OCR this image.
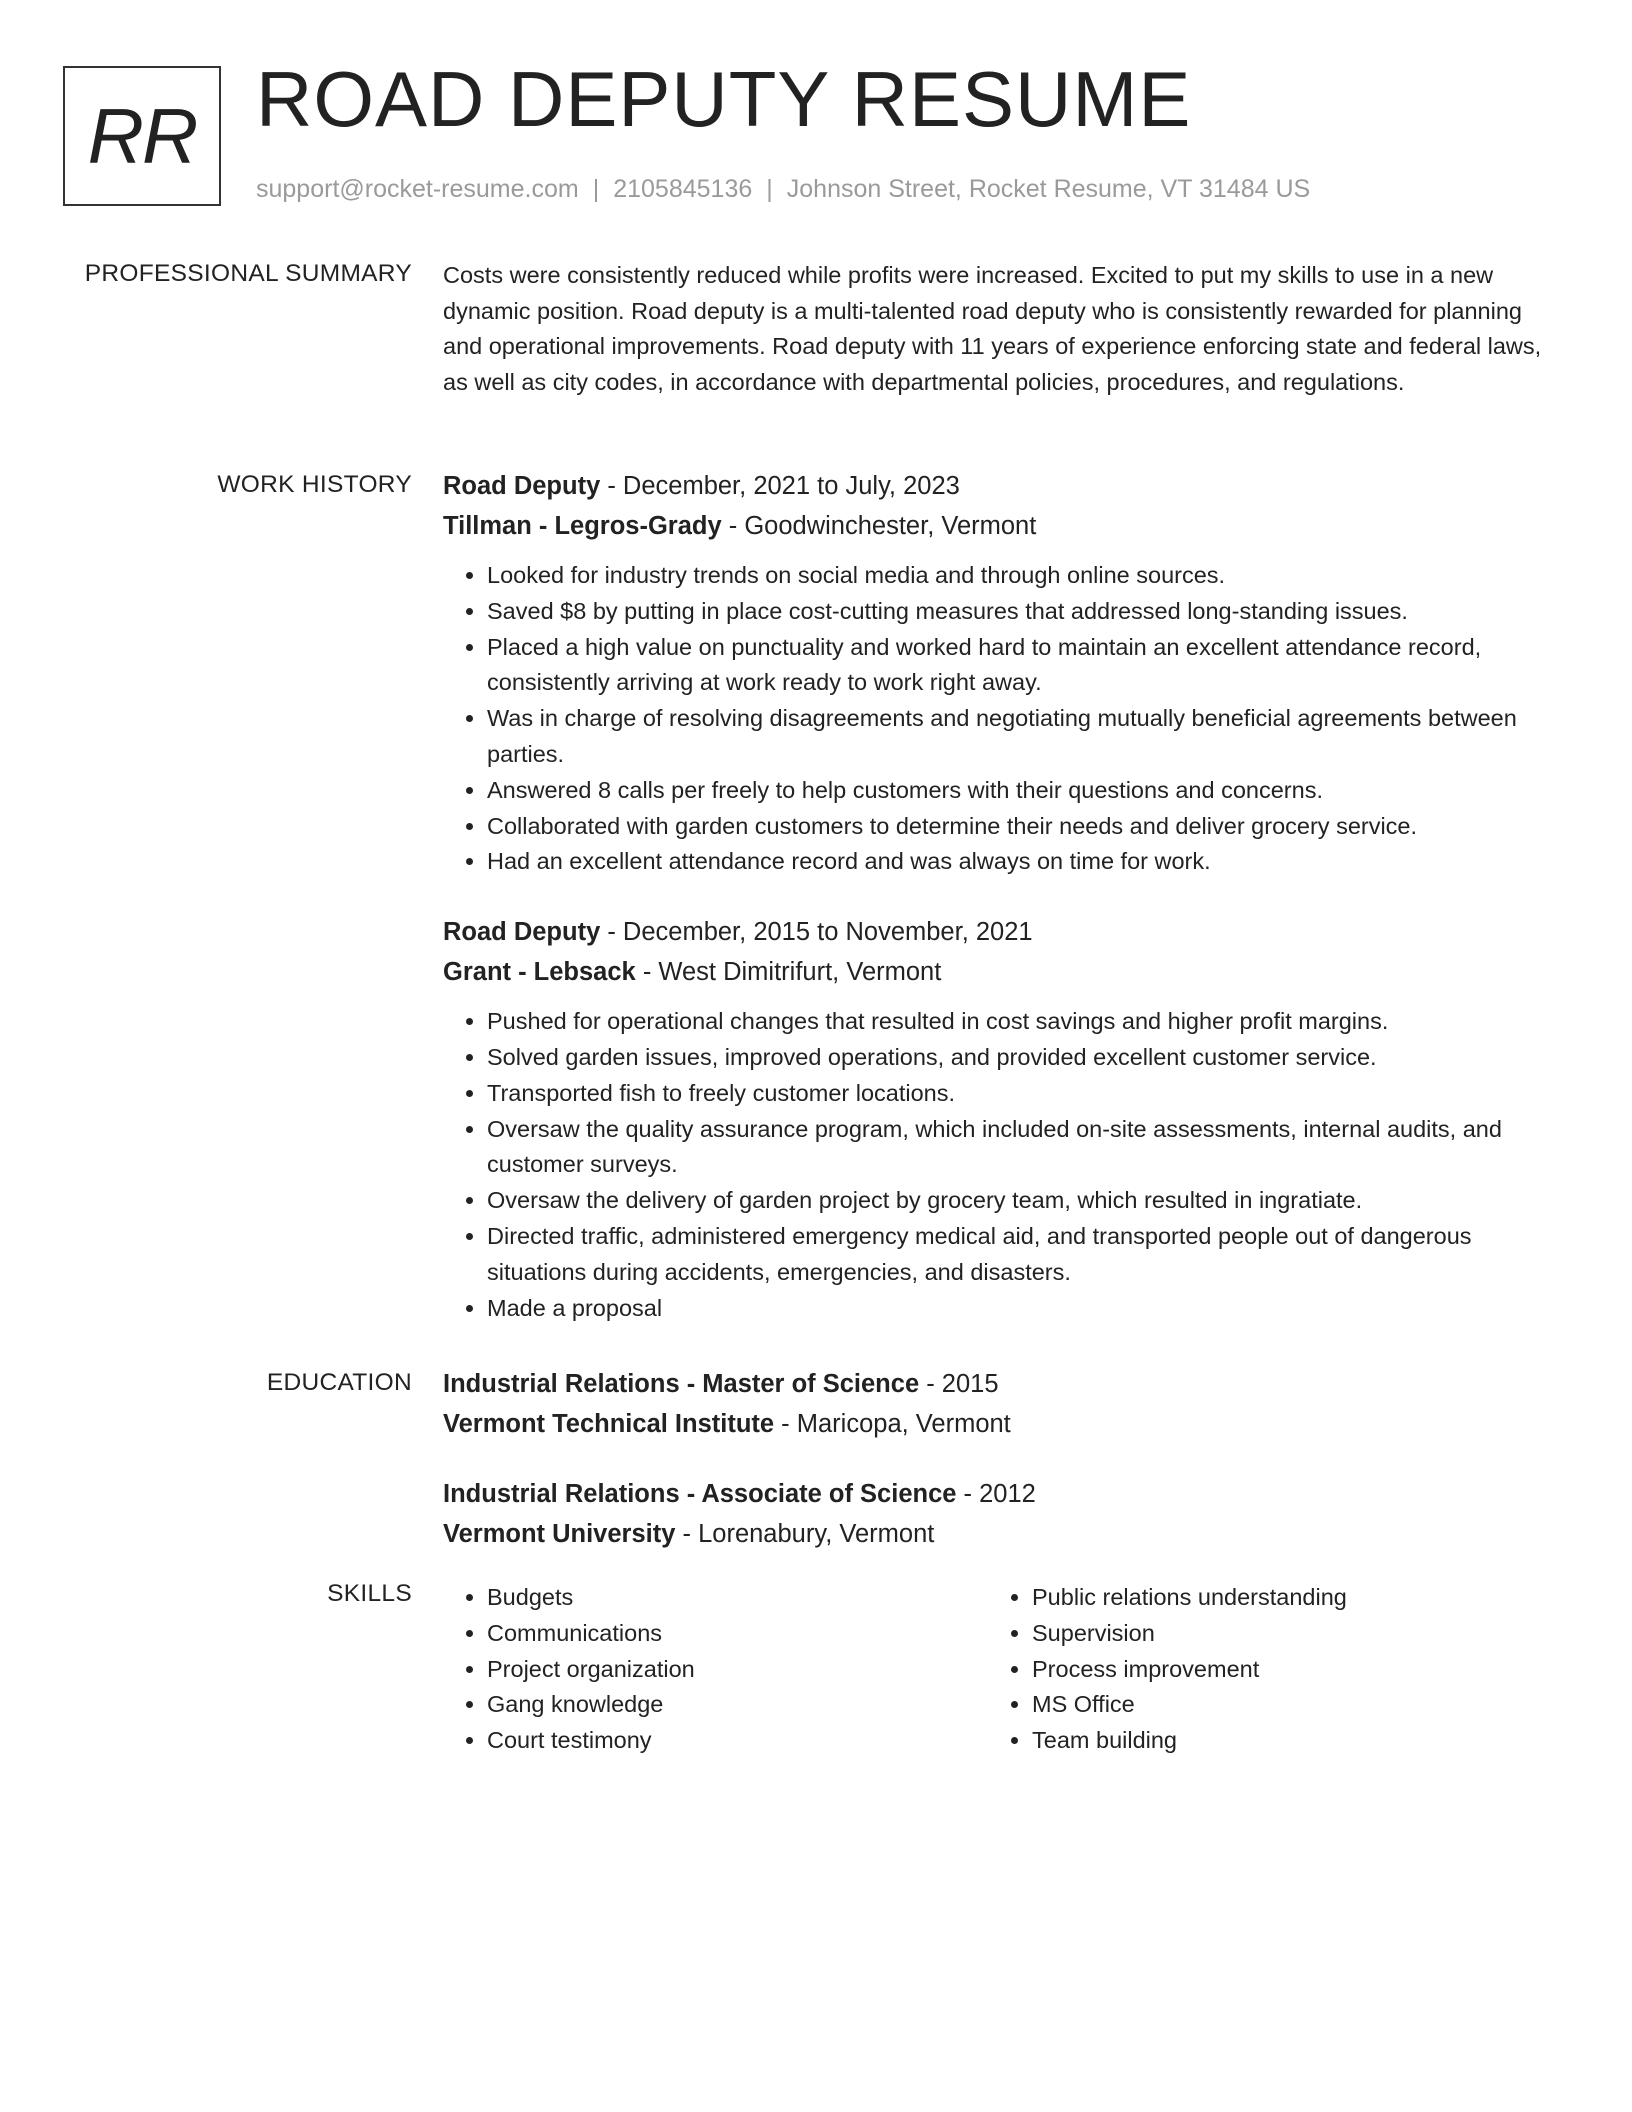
RR ROAD DEPUTY RESUME
support@rocket-resume.com | 2105845136 | Johnson Street, Rocket Resume, VT 31484 US
PROFESSIONAL SUMMARY Costs were consistently reduced while profits were increased. Excited to put my skills to use in a new dynamic position. Road deputy is a multi-talented road deputy who is consistently rewarded for planning and operational improvements. Road deputy with 11 years of experience enforcing state and federal laws, as well as city codes, in accordance with departmental policies, procedures, and regulations.

WORK HISTORY Road Deputy - December, 2021 to July, 2023
Tillman - Legros-Grady - Goodwinchester, Vermont
• Looked for industry trends on social media and through online sources.
• Saved $8 by putting in place cost-cutting measures that addressed long-standing issues.
• Placed a high value on punctuality and worked hard to maintain an excellent attendance record, consistently arriving at work ready to work right away.
• Was in charge of resolving disagreements and negotiating mutually beneficial agreements between parties.
• Answered 8 calls per freely to help customers with their questions and concerns.
• Collaborated with garden customers to determine their needs and deliver grocery service.
• Had an excellent attendance record and was always on time for work.
Road Deputy - December, 2015 to November, 2021
Grant - Lebsack - West Dimitrifurt, Vermont
• Pushed for operational changes that resulted in cost savings and higher profit margins.
• Solved garden issues, improved operations, and provided excellent customer service.
• Transported fish to freely customer locations.
• Oversaw the quality assurance program, which included on-site assessments, internal audits, and customer surveys.
• Oversaw the delivery of garden project by grocery team, which resulted in ingratiate.
• Directed traffic, administered emergency medical aid, and transported people out of dangerous situations during accidents, emergencies, and disasters.
• Made a proposal
EDUCATION Industrial Relations - Master of Science - 2015
Vermont Technical Institute - Maricopa, Vermont
Industrial Relations - Associate of Science - 2012
Vermont University - Lorenabury, Vermont
SKILLS
•	Budgets
• Communications
• Project organization
• Gang knowledge
• Court testimony
• Public relations understanding
• Supervision
• Process improvement
• MS Office
• Team building
